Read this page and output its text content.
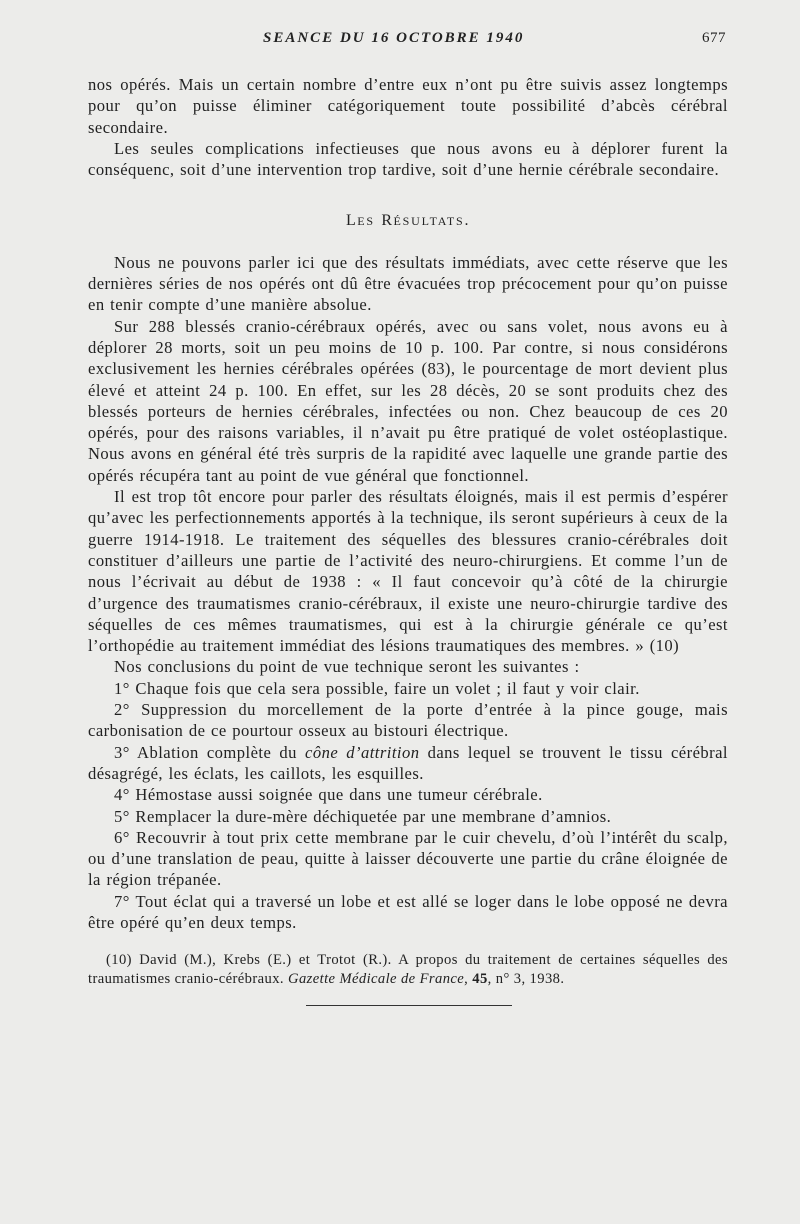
SEANCE DU 16 OCTOBRE 1940	677

nos opérés. Mais un certain nombre d’entre eux n’ont pu être suivis assez longtemps pour qu’on puisse éliminer catégoriquement toute possibilité d’abcès cérébral secondaire.

Les seules complications infectieuses que nous avons eu à déplorer furent la conséquenc, soit d’une intervention trop tardive, soit d’une hernie cérébrale secondaire.

LES RÉSULTATS.

Nous ne pouvons parler ici que des résultats immédiats, avec cette réserve que les dernières séries de nos opérés ont dû être évacuées trop précocement pour qu’on puisse en tenir compte d’une manière absolue.

Sur 288 blessés cranio-cérébraux opérés, avec ou sans volet, nous avons eu à déplorer 28 morts, soit un peu moins de 10 p. 100. Par contre, si nous considérons exclusivement les hernies cérébrales opérées (83), le pourcentage de mort devient plus élevé et atteint 24 p. 100. En effet, sur les 28 décès, 20 se sont produits chez des blessés porteurs de hernies cérébrales, infectées ou non. Chez beaucoup de ces 20 opérés, pour des raisons variables, il n’avait pu être pratiqué de volet ostéoplastique. Nous avons en général été très surpris de la rapidité avec laquelle une grande partie des opérés récupéra tant au point de vue général que fonctionnel.

Il est trop tôt encore pour parler des résultats éloignés, mais il est permis d’espérer qu’avec les perfectionnements apportés à la technique, ils seront supérieurs à ceux de la guerre 1914-1918. Le traitement des séquelles des blessures cranio-cérébrales doit constituer d’ailleurs une partie de l’activité des neuro-chirurgiens. Et comme l’un de nous l’écrivait au début de 1938 : « Il faut concevoir qu’à côté de la chirurgie d’urgence des traumatismes cranio-cérébraux, il existe une neuro-chirurgie tardive des séquelles de ces mêmes traumatismes, qui est à la chirurgie générale ce qu’est l’orthopédie au traitement immédiat des lésions traumatiques des membres. » (10)

Nos conclusions du point de vue technique seront les suivantes :

1° Chaque fois que cela sera possible, faire un volet ; il faut y voir clair.

2° Suppression du morcellement de la porte d’entrée à la pince gouge, mais carbonisation de ce pourtour osseux au bistouri électrique.

3° Ablation complète du cône d’attrition dans lequel se trouvent le tissu cérébral désagrégé, les éclats, les caillots, les esquilles.

4° Hémostase aussi soignée que dans une tumeur cérébrale.

5° Remplacer la dure-mère déchiquetée par une membrane d’amnios.

6° Recouvrir à tout prix cette membrane par le cuir chevelu, d’où l’intérêt du scalp, ou d’une translation de peau, quitte à laisser découverte une partie du crâne éloignée de la région trépanée.

7° Tout éclat qui a traversé un lobe et est allé se loger dans le lobe opposé ne devra être opéré qu’en deux temps.

(10) David (M.), Krebs (E.) et Trotot (R.). A propos du traitement de certaines séquelles des traumatismes cranio-cérébraux. Gazette Médicale de France, 45, n° 3, 1938.
